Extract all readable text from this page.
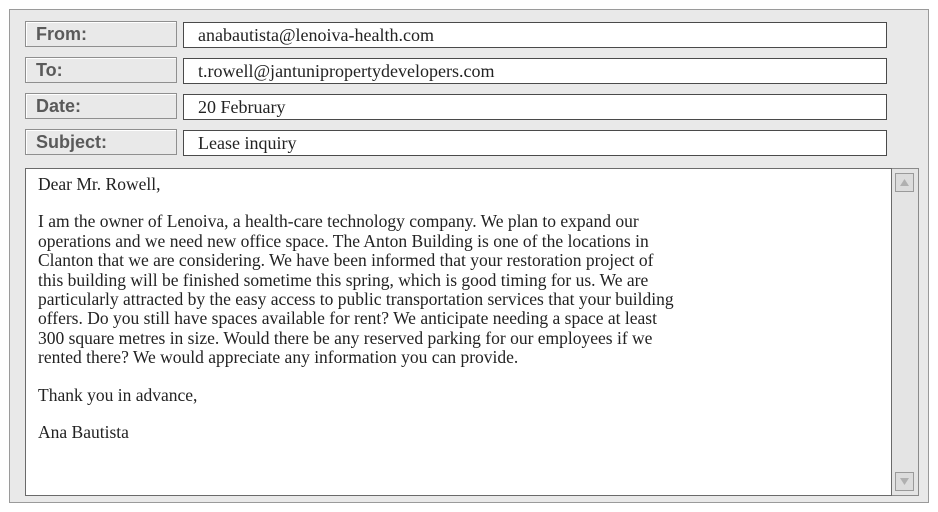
From:	anabautista@lenoiva-health.com
To:	t.rowell@jantunipropertydevelopers.com
Date:	20 February
Subject:	Lease inquiry

Dear Mr. Rowell,

I am the owner of Lenoiva, a health-care technology company. We plan to expand our

operations and we need new office space. The Anton Building is one of the locations in

Clanton that we are considering. We have been informed that your restoration project of

this building will be finished sometime this spring, which is good timing for us. We are

particularly attracted by the easy access to public transportation services that your building

offers. Do you still have spaces available for rent? We anticipate needing a space at least

300 square metres in size. Would there be any reserved parking for our employees if we

rented there? We would appreciate any information you can provide.

Thank you in advance,

Ana Bautista
